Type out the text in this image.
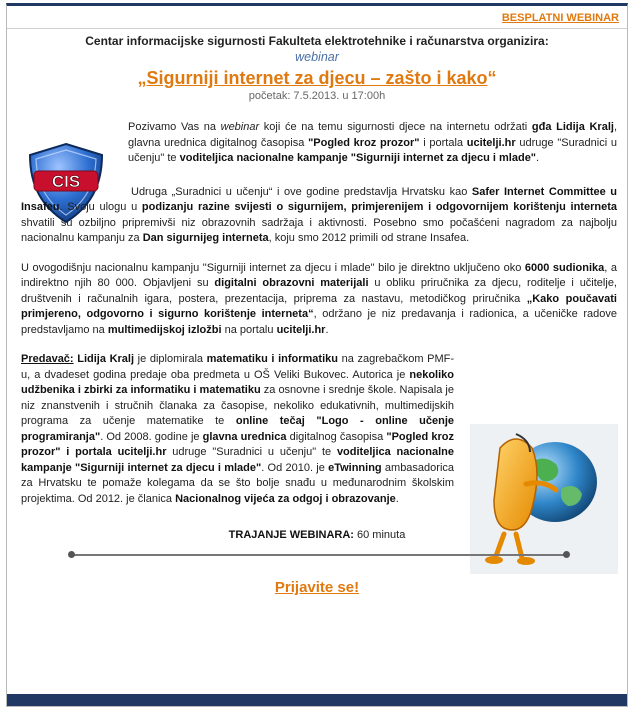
BESPLATNI WEBINAR
Centar informacijske sigurnosti Fakulteta elektrotehnike i računarstva organizira:
webinar
„Sigurniji internet za djecu – zašto i kako“
početak: 7.5.2013. u 17:00h
CIS

Pozivamo Vas na webinar koji će na temu sigurnosti djece na internetu održati gđa Lidija Kralj, glavna urednica digitalnog časopisa "Pogled kroz prozor" i portala ucitelji.hr udruge "Suradnici u učenju" te voditeljica nacionalne kampanje "Sigurniji internet za djecu i mlade".

Udruga „Suradnici u učenju“ i ove godine predstavlja Hrvatsku kao Safer Internet Committee u Insafeu. Svoju ulogu u podizanju razine svijesti o sigurnijem, primjerenijem i odgovornijem korištenju interneta shvatili su ozbiljno pripremivši niz obrazovnih sadržaja i aktivnosti. Posebno smo počašćeni nagradom za najbolju nacionalnu kampanju za Dan sigurnijeg interneta, koju smo 2012 primili od strane Insafea.

U ovogodišnju nacionalnu kampanju "Sigurniji internet za djecu i mlade" bilo je direktno uključeno oko 6000 sudionika, a indirektno njih 80 000. Objavljeni su digitalni obrazovni materijali u obliku priručnika za djecu, roditelje i učitelje, društvenih i računalnih igara, postera, prezentacija, priprema za nastavu, metodičkog priručnika „Kako poučavati primjereno, odgovorno i sigurno korištenje interneta“, održano je niz predavanja i radionica, a učeničke radove predstavljamo na multimedijskoj izložbi na portalu ucitelji.hr.

Predavač: Lidija Kralj je diplomirala matematiku i informatiku na zagrebačkom PMF-u, a dvadeset godina predaje oba predmeta u OŠ Veliki Bukovec. Autorica je nekoliko udžbenika i zbirki za informatiku i matematiku za osnovne i srednje škole. Napisala je niz znanstvenih i stručnih članaka za časopise, nekoliko edukativnih, multimedijskih programa za učenje matematike te online tečaj "Logo - online učenje programiranja". Od 2008. godine je glavna urednica digitalnog časopisa "Pogled kroz prozor" i portala ucitelji.hr udruge "Suradnici u učenju" te voditeljica nacionalne kampanje "Sigurniji internet za djecu i mlade". Od 2010. je eTwinning ambasadorica za Hrvatsku te pomaže kolegama da se što bolje snađu u međunarodnim školskim projektima. Od 2012. je članica Nacionalnog vijeća za odgoj i obrazovanje.

TRAJANJE WEBINARA: 60 minuta
Prijavite se!
